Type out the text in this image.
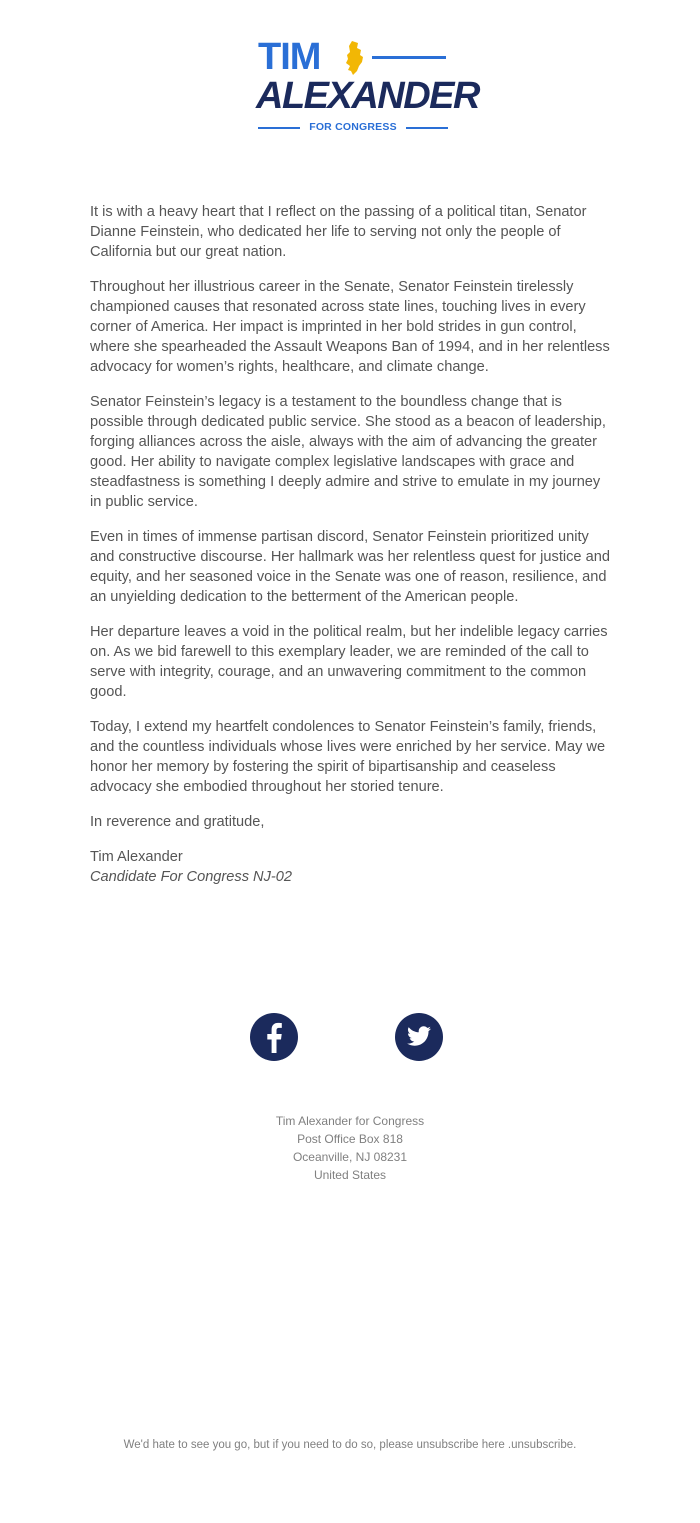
TIM
ALEXANDER
FOR CONGRESS

It is with a heavy heart that I reflect on the passing of a political titan, Senator Dianne Feinstein, who dedicated her life to serving not only the people of California but our great nation.

Throughout her illustrious career in the Senate, Senator Feinstein tirelessly championed causes that resonated across state lines, touching lives in every corner of America. Her impact is imprinted in her bold strides in gun control, where she spearheaded the Assault Weapons Ban of 1994, and in her relentless advocacy for women’s rights, healthcare, and climate change.

Senator Feinstein’s legacy is a testament to the boundless change that is possible through dedicated public service. She stood as a beacon of leadership, forging alliances across the aisle, always with the aim of advancing the greater good. Her ability to navigate complex legislative landscapes with grace and steadfastness is something I deeply admire and strive to emulate in my journey in public service.

Even in times of immense partisan discord, Senator Feinstein prioritized unity and constructive discourse. Her hallmark was her relentless quest for justice and equity, and her seasoned voice in the Senate was one of reason, resilience, and an unyielding dedication to the betterment of the American people.

Her departure leaves a void in the political realm, but her indelible legacy carries on. As we bid farewell to this exemplary leader, we are reminded of the call to serve with integrity, courage, and an unwavering commitment to the common good.

Today, I extend my heartfelt condolences to Senator Feinstein’s family, friends, and the countless individuals whose lives were enriched by her service. May we honor her memory by fostering the spirit of bipartisanship and ceaseless advocacy she embodied throughout her storied tenure.

In reverence and gratitude,

Tim Alexander
Candidate For Congress NJ-02
Tim Alexander for Congress
Post Office Box 818
Oceanville, NJ 08231
United States
We'd hate to see you go, but if you need to do so, please unsubscribe here .unsubscribe.
